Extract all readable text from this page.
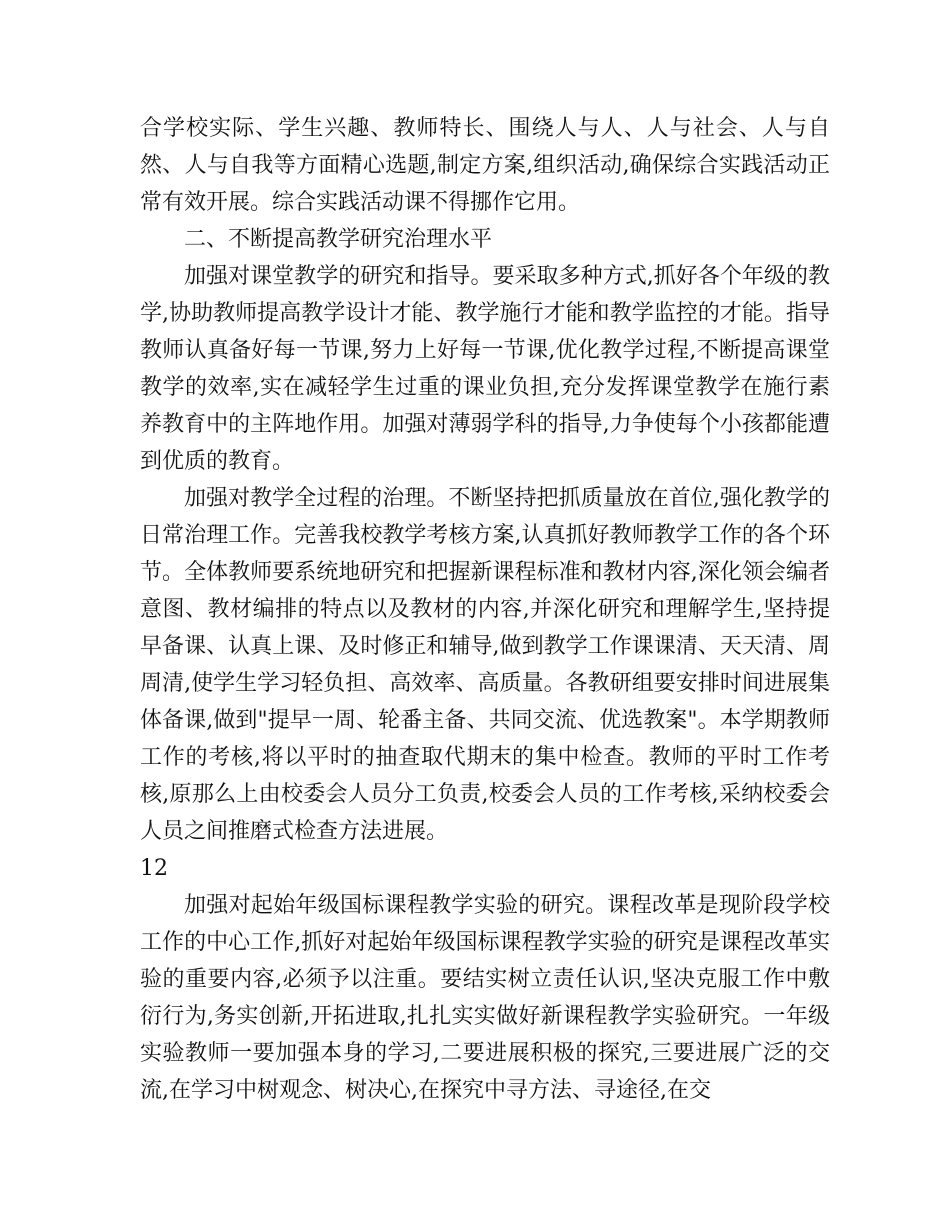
合学校实际、学生兴趣、教师特长、围绕人与人、人与社会、人与自然、人与自我等方面精心选题,制定方案,组织活动,确保综合实践活动正常有效开展。综合实践活动课不得挪作它用。

二、不断提高教学研究治理水平

加强对课堂教学的研究和指导。要采取多种方式,抓好各个年级的教学,协助教师提高教学设计才能、教学施行才能和教学监控的才能。指导教师认真备好每一节课,努力上好每一节课,优化教学过程,不断提高课堂教学的效率,实在减轻学生过重的课业负担,充分发挥课堂教学在施行素养教育中的主阵地作用。加强对薄弱学科的指导,力争使每个小孩都能遭到优质的教育。

加强对教学全过程的治理。不断坚持把抓质量放在首位,强化教学的日常治理工作。完善我校教学考核方案,认真抓好教师教学工作的各个环节。全体教师要系统地研究和把握新课程标准和教材内容,深化领会编者意图、教材编排的特点以及教材的内容,并深化研究和理解学生,坚持提早备课、认真上课、及时修正和辅导,做到教学工作课课清、天天清、周周清,使学生学习轻负担、高效率、高质量。各教研组要安排时间进展集体备课,做到"提早一周、轮番主备、共同交流、优选教案"。本学期教师工作的考核,将以平时的抽查取代期末的集中检查。教师的平时工作考核,原那么上由校委会人员分工负责,校委会人员的工作考核,采纳校委会人员之间推磨式检查方法进展。

12

加强对起始年级国标课程教学实验的研究。课程改革是现阶段学校工作的中心工作,抓好对起始年级国标课程教学实验的研究是课程改革实验的重要内容,必须予以注重。要结实树立责任认识,坚决克服工作中敷衍行为,务实创新,开拓进取,扎扎实实做好新课程教学实验研究。一年级实验教师一要加强本身的学习,二要进展积极的探究,三要进展广泛的交流,在学习中树观念、树决心,在探究中寻方法、寻途径,在交
